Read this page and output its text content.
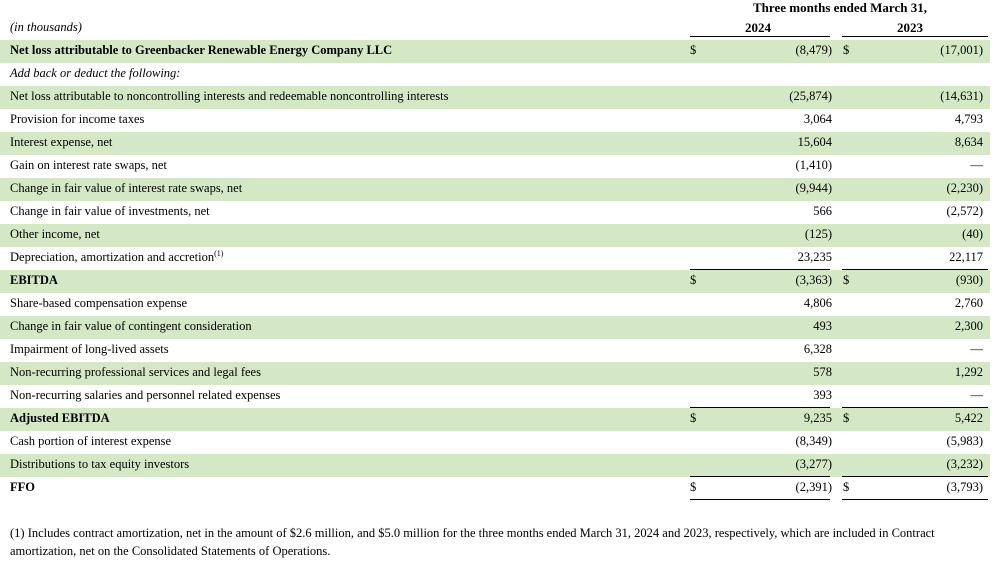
Three months ended March 31,
2024	2023
(in thousands)
Net loss attributable to Greenbacker Renewable Energy Company LLC	$	(8,479) $	(17,001)
Add back or deduct the following:
Net loss attributable to noncontrolling interests and redeemable noncontrolling interests	(25,874)	(14,631)
Provision for income taxes	3,064	4,793
Interest expense, net	15,604	8,634
Gain on interest rate swaps, net	(1,410)	—
Change in fair value of interest rate swaps, net	(9,944)	(2,230)
Change in fair value of investments, net	566	(2,572)
Other income, net	(125)	(40)
Depreciation, amortization and accretion$^{(1)}$	23,235	22,117
EBITDA	$	(3,363) $	(930)
Share-based compensation expense	4,806	2,760
Change in fair value of contingent consideration	493	2,300
Impairment of long-lived assets	6,328	—
Non-recurring professional services and legal fees	578	1,292
Non-recurring salaries and personnel related expenses	393	—
Adjusted EBITDA	$	9,235 $	5,422
Cash portion of interest expense	(8,349)	(5,983)
Distributions to tax equity investors	(3,277)	(3,232)
FFO	$	(2,391) $	(3,793)
(1) Includes contract amortization, net in the amount of $2.6 million, and $5.0 million for the three months ended March 31, 2024 and 2023, respectively, which are included in Contract amortization, net on the Consolidated Statements of Operations.
